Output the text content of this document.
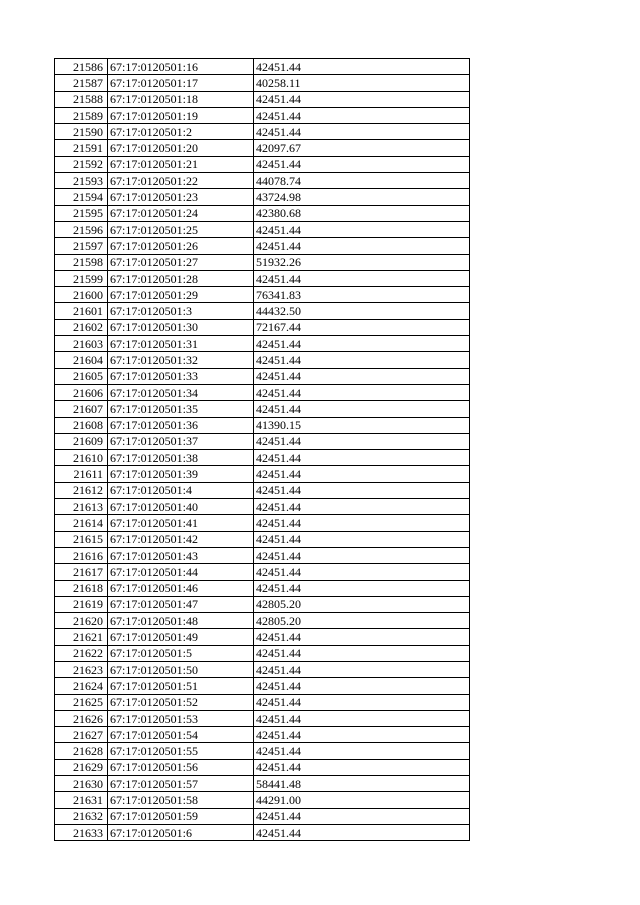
21586	67:17:0120501:16	42451.44
21587	67:17:0120501:17	40258.11
21588	67:17:0120501:18	42451.44
21589	67:17:0120501:19	42451.44
21590	67:17:0120501:2	42451.44
21591	67:17:0120501:20	42097.67
21592	67:17:0120501:21	42451.44
21593	67:17:0120501:22	44078.74
21594	67:17:0120501:23	43724.98
21595	67:17:0120501:24	42380.68
21596	67:17:0120501:25	42451.44
21597	67:17:0120501:26	42451.44
21598	67:17:0120501:27	51932.26
21599	67:17:0120501:28	42451.44
21600	67:17:0120501:29	76341.83
21601	67:17:0120501:3	44432.50
21602	67:17:0120501:30	72167.44
21603	67:17:0120501:31	42451.44
21604	67:17:0120501:32	42451.44
21605	67:17:0120501:33	42451.44
21606	67:17:0120501:34	42451.44
21607	67:17:0120501:35	42451.44
21608	67:17:0120501:36	41390.15
21609	67:17:0120501:37	42451.44
21610	67:17:0120501:38	42451.44
21611	67:17:0120501:39	42451.44
21612	67:17:0120501:4	42451.44
21613	67:17:0120501:40	42451.44
21614	67:17:0120501:41	42451.44
21615	67:17:0120501:42	42451.44
21616	67:17:0120501:43	42451.44
21617	67:17:0120501:44	42451.44
21618	67:17:0120501:46	42451.44
21619	67:17:0120501:47	42805.20
21620	67:17:0120501:48	42805.20
21621	67:17:0120501:49	42451.44
21622	67:17:0120501:5	42451.44
21623	67:17:0120501:50	42451.44
21624	67:17:0120501:51	42451.44
21625	67:17:0120501:52	42451.44
21626	67:17:0120501:53	42451.44
21627	67:17:0120501:54	42451.44
21628	67:17:0120501:55	42451.44
21629	67:17:0120501:56	42451.44
21630	67:17:0120501:57	58441.48
21631	67:17:0120501:58	44291.00
21632	67:17:0120501:59	42451.44
21633	67:17:0120501:6	42451.44
